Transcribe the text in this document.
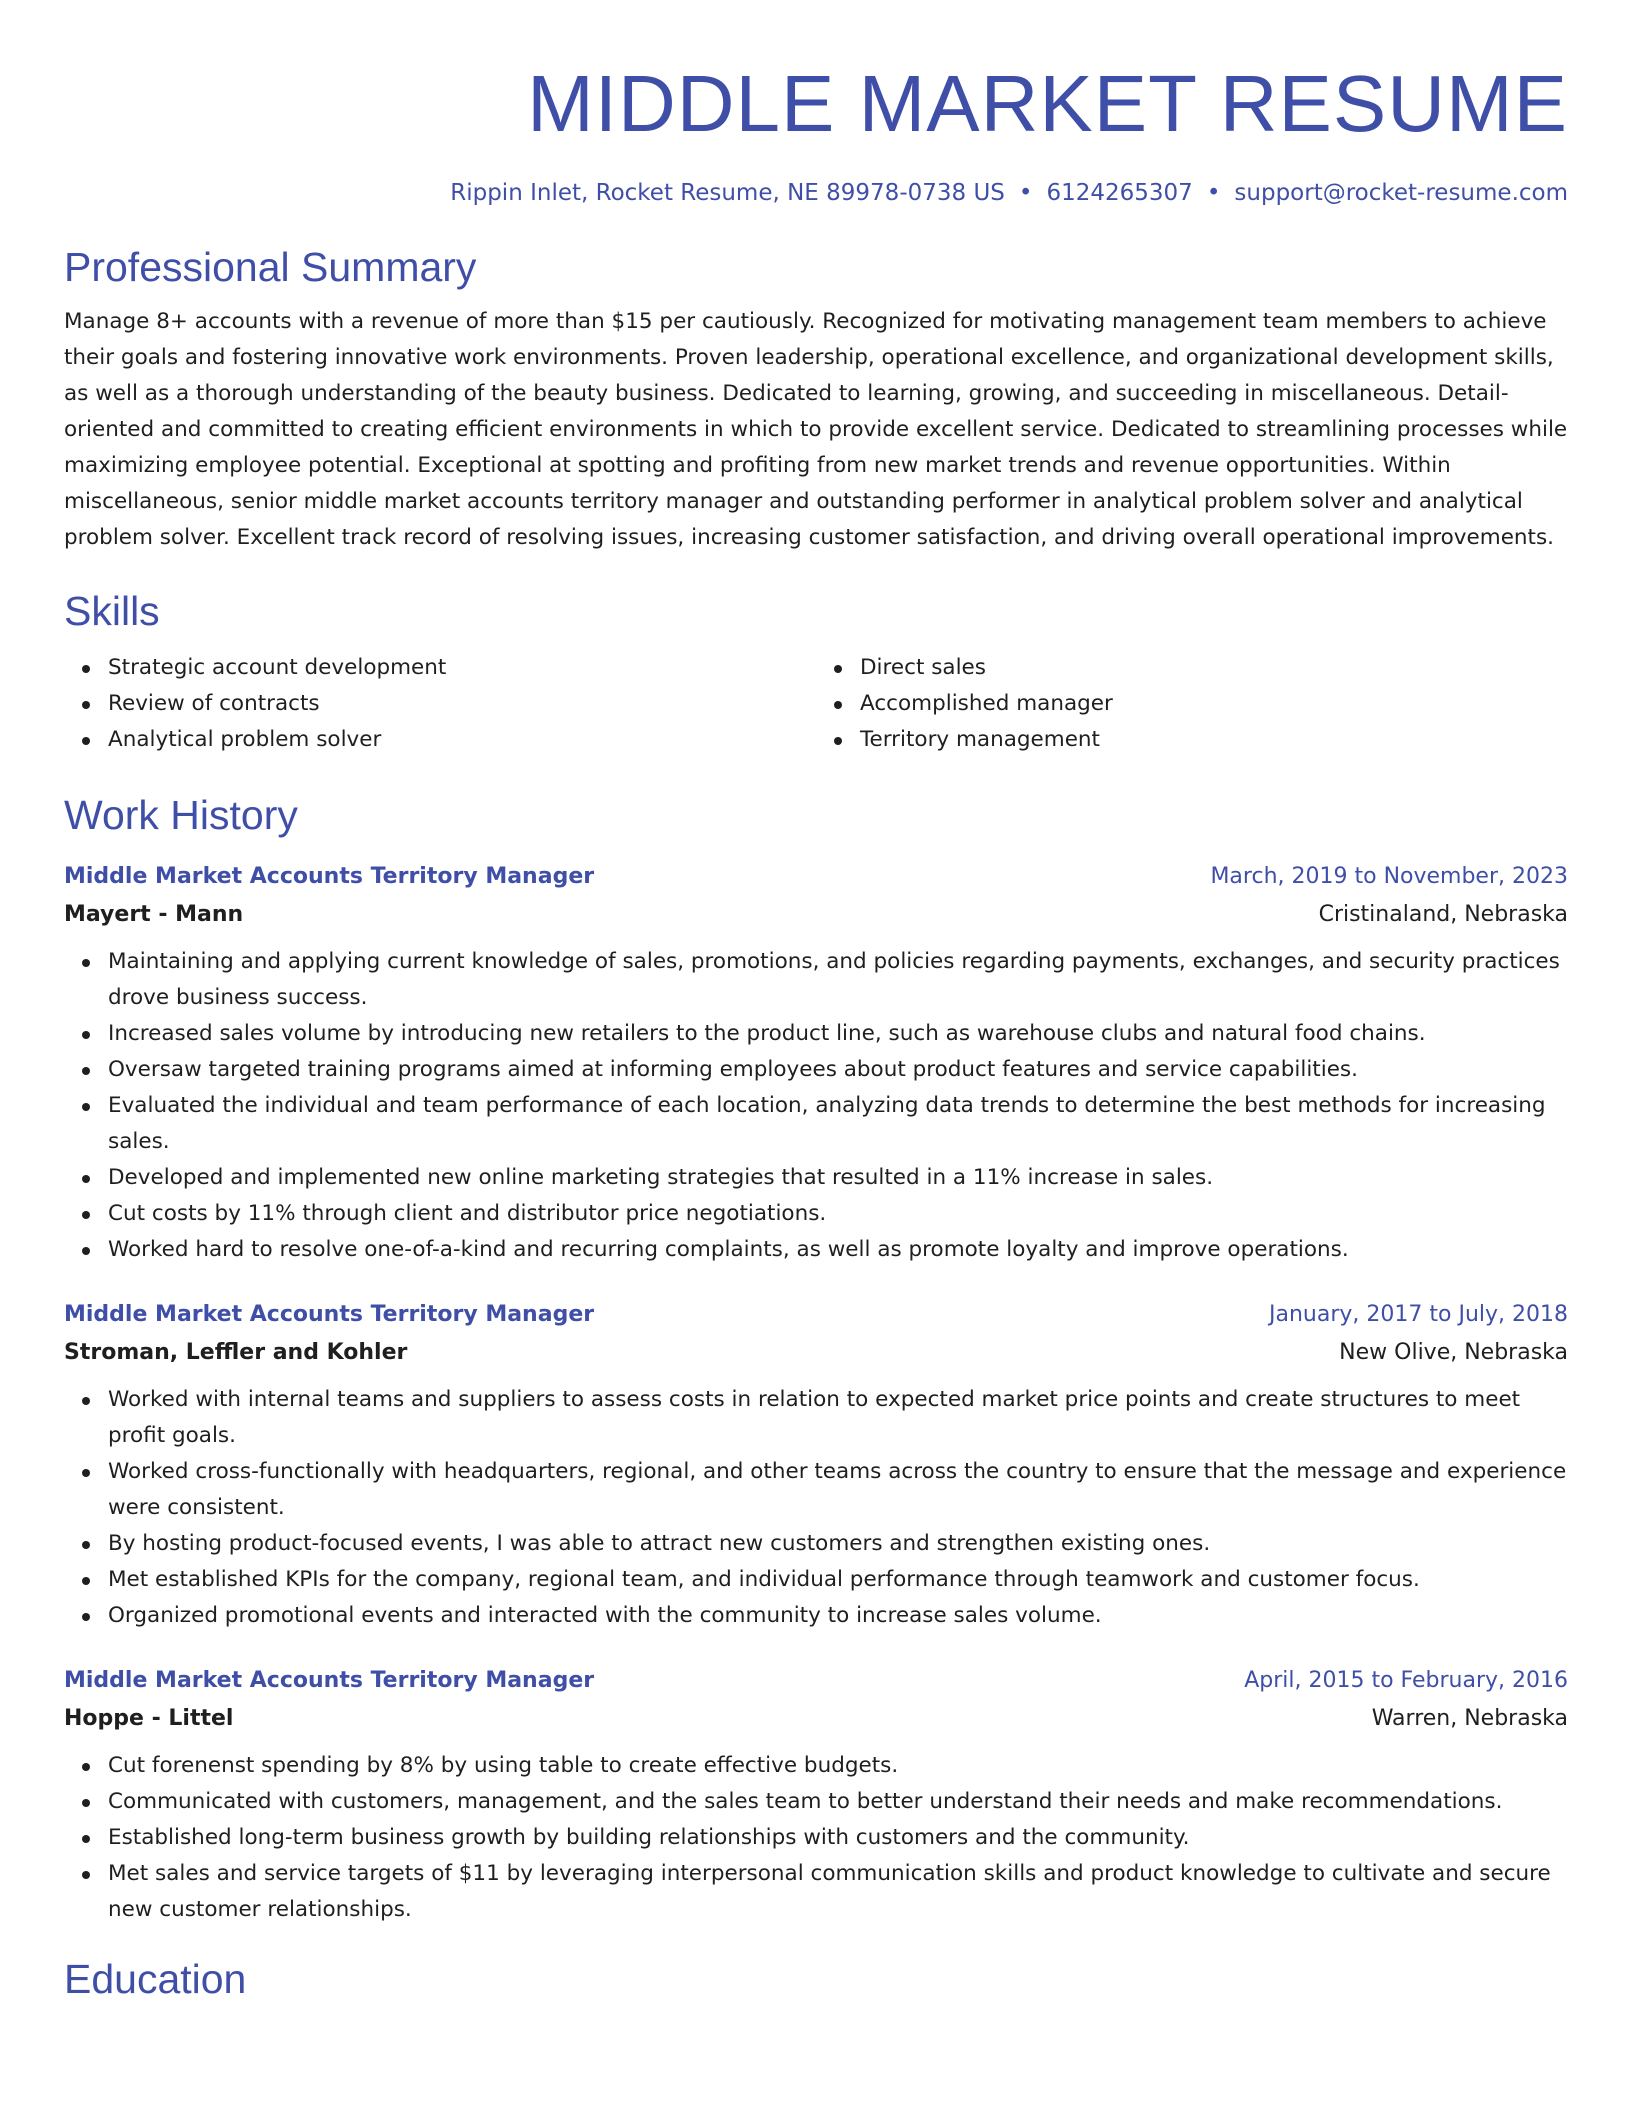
MIDDLE MARKET RESUME
Rippin Inlet, Rocket Resume, NE 89978-0738 US • 6124265307 • support@rocket-resume.com
Professional Summary
Manage 8+ accounts with a revenue of more than $15 per cautiously. Recognized for motivating management team members to achieve their goals and fostering innovative work environments. Proven leadership, operational excellence, and organizational development skills, as well as a thorough understanding of the beauty business. Dedicated to learning, growing, and succeeding in miscellaneous. Detail-oriented and committed to creating efficient environments in which to provide excellent service. Dedicated to streamlining processes while maximizing employee potential. Exceptional at spotting and profiting from new market trends and revenue opportunities. Within miscellaneous, senior middle market accounts territory manager and outstanding performer in analytical problem solver and analytical problem solver. Excellent track record of resolving issues, increasing customer satisfaction, and driving overall operational improvements.
Skills
Strategic account development
Review of contracts
Analytical problem solver
Direct sales
Accomplished manager
Territory management
Work History
Middle Market Accounts Territory Manager	March, 2019 to November, 2023
Mayert - Mann	Cristinaland, Nebraska
Maintaining and applying current knowledge of sales, promotions, and policies regarding payments, exchanges, and security practices drove business success.
Increased sales volume by introducing new retailers to the product line, such as warehouse clubs and natural food chains.
Oversaw targeted training programs aimed at informing employees about product features and service capabilities.
Evaluated the individual and team performance of each location, analyzing data trends to determine the best methods for increasing sales.
Developed and implemented new online marketing strategies that resulted in a 11% increase in sales.
Cut costs by 11% through client and distributor price negotiations.
Worked hard to resolve one-of-a-kind and recurring complaints, as well as promote loyalty and improve operations.
Middle Market Accounts Territory Manager	January, 2017 to July, 2018
Stroman, Leffler and Kohler	New Olive, Nebraska
Worked with internal teams and suppliers to assess costs in relation to expected market price points and create structures to meet profit goals.
Worked cross-functionally with headquarters, regional, and other teams across the country to ensure that the message and experience were consistent.
By hosting product-focused events, I was able to attract new customers and strengthen existing ones.
Met established KPIs for the company, regional team, and individual performance through teamwork and customer focus.
Organized promotional events and interacted with the community to increase sales volume.
Middle Market Accounts Territory Manager	April, 2015 to February, 2016
Hoppe - Littel	Warren, Nebraska
Cut forenenst spending by 8% by using table to create effective budgets.
Communicated with customers, management, and the sales team to better understand their needs and make recommendations.
Established long-term business growth by building relationships with customers and the community.
Met sales and service targets of $11 by leveraging interpersonal communication skills and product knowledge to cultivate and secure new customer relationships.
Education
